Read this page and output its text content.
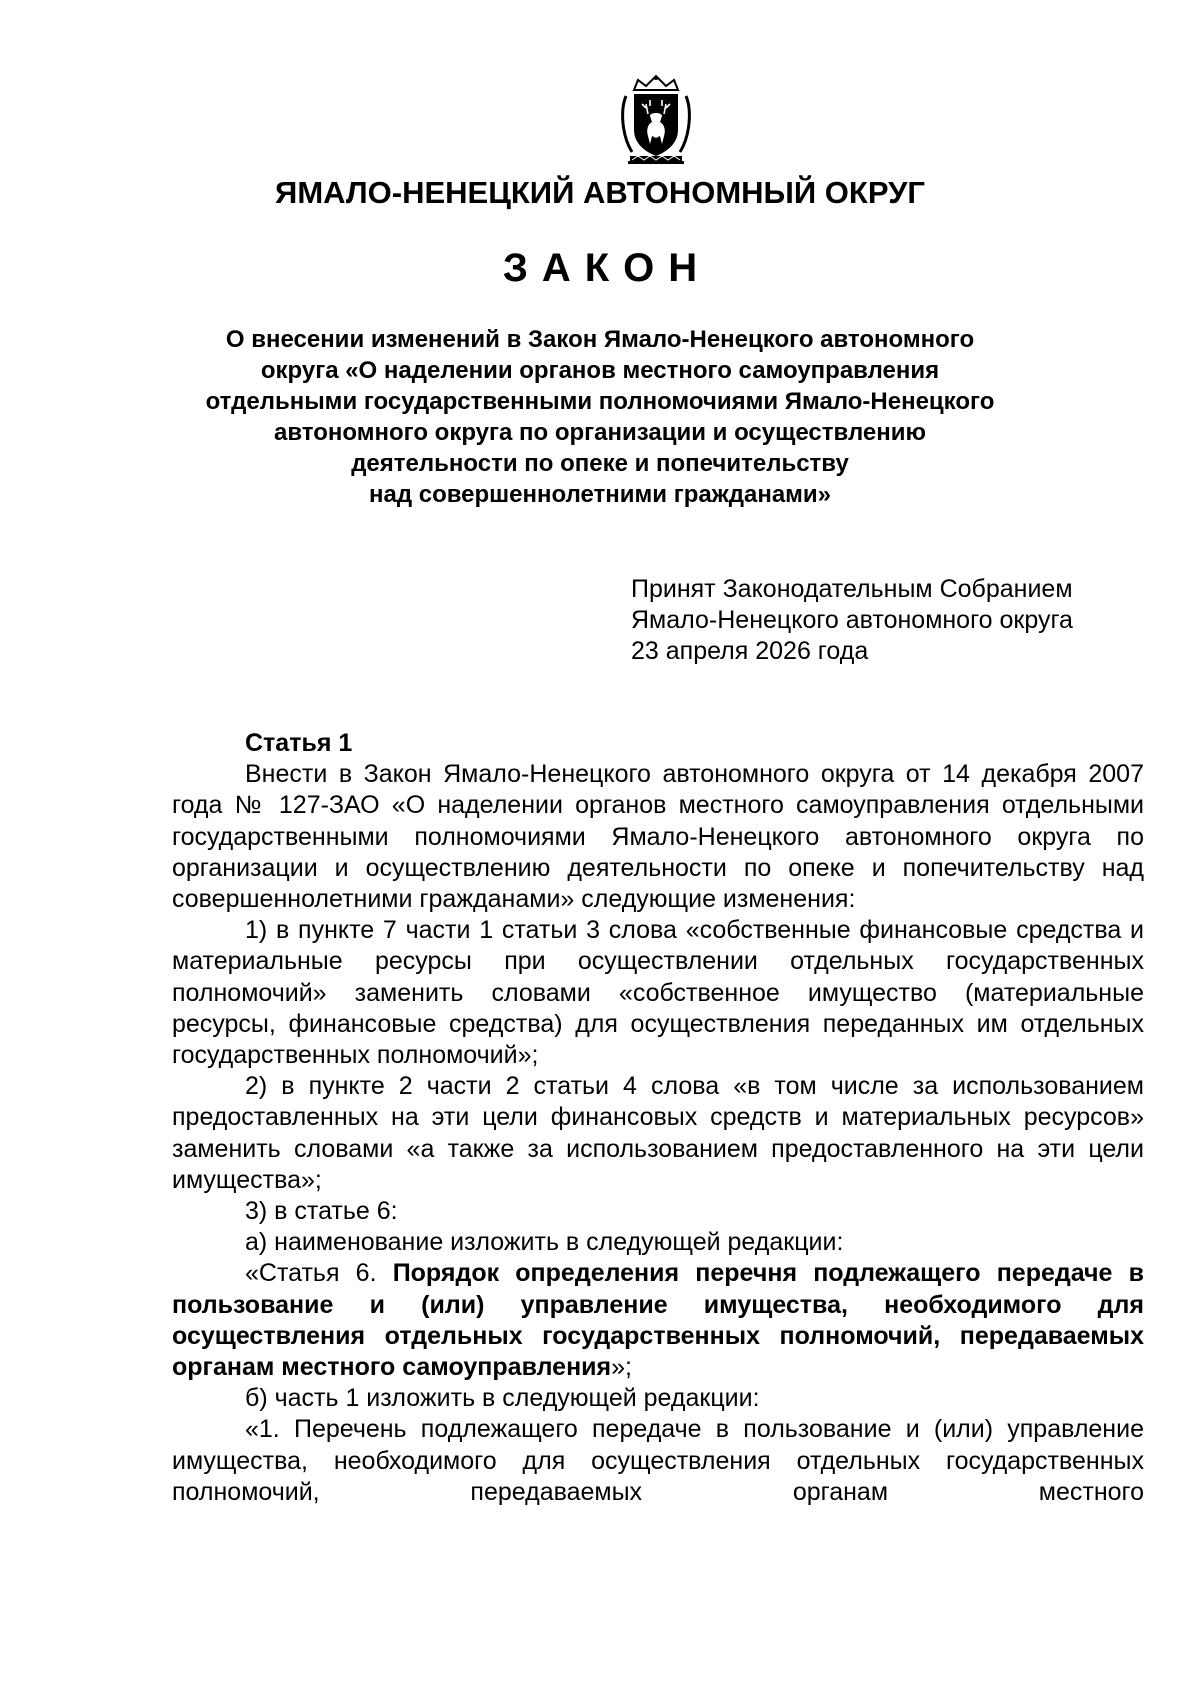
ЯМАЛО-НЕНЕЦКИЙ АВТОНОМНЫЙ ОКРУГ
ЗАКОН
О внесении изменений в Закон Ямало-Ненецкого автономного
округа «О наделении органов местного самоуправления
отдельными государственными полномочиями Ямало-Ненецкого
автономного округа по организации и осуществлению
деятельности по опеке и попечительству
над совершеннолетними гражданами»
Принят Законодательным Собранием
Ямало-Ненецкого автономного округа
23 апреля 2026 года

Статья 1

Внести в Закон Ямало-Ненецкого автономного округа от 14 декабря 2007 года № 127-ЗАО «О наделении органов местного самоуправления отдельными государственными полномочиями Ямало-Ненецкого автономного округа по организации и осуществлению деятельности по опеке и попечительству над совершеннолетними гражданами» следующие изменения:

1) в пункте 7 части 1 статьи 3 слова «собственные финансовые средства и материальные ресурсы при осуществлении отдельных государственных полномочий» заменить словами «собственное имущество (материальные ресурсы, финансовые средства) для осуществления переданных им отдельных государственных полномочий»;

2) в пункте 2 части 2 статьи 4 слова «в том числе за использованием предоставленных на эти цели финансовых средств и материальных ресурсов» заменить словами «а также за использованием предоставленного на эти цели имущества»;

3) в статье 6:

а) наименование изложить в следующей редакции:

«Статья 6. Порядок определения перечня подлежащего передаче в пользование и (или) управление имущества, необходимого для осуществления отдельных государственных полномочий, передаваемых органам местного самоуправления»;

б) часть 1 изложить в следующей редакции:

«1. Перечень подлежащего передаче в пользование и (или) управление имущества, необходимого для осуществления отдельных государственных полномочий, передаваемых органам местного
